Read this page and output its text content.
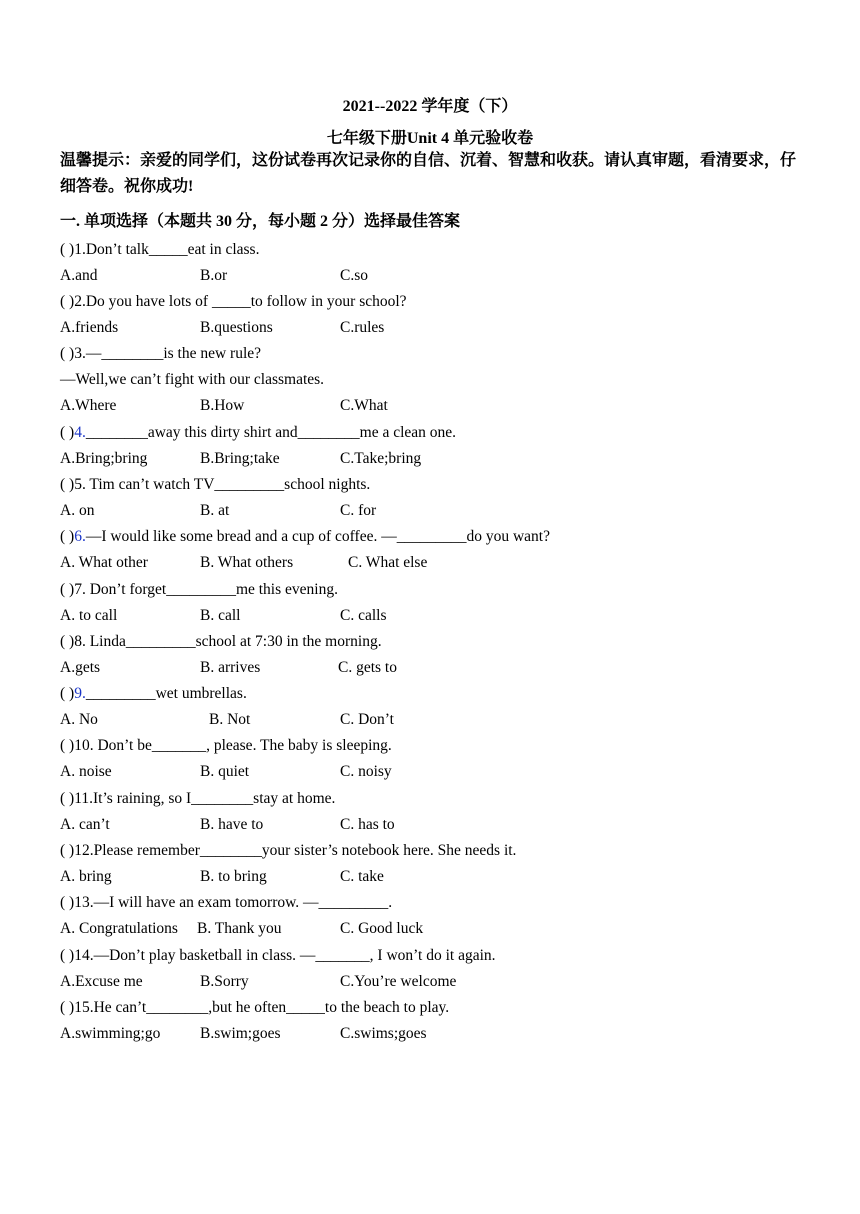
2021--2022 学年度（下）
七年级下册Unit 4 单元验收卷
温馨提示：亲爱的同学们，这份试卷再次记录你的自信、沉着、智慧和收获。请认真审题，看清要求，仔细答卷。祝你成功!
一. 单项选择（本题共 30 分，每小题 2 分）选择最佳答案
( )1.Don’t talk_____eat in class.
A.and	B.or	C.so
( )2.Do you have lots of _____to follow in your school?
A.friends	B.questions	C.rules
( )3.—________is the new rule?
—Well,we can’t fight with our classmates.
A.Where	B.How	C.What
( )4.________away this dirty shirt and________me a clean one.
A.Bring;bring	B.Bring;take	C.Take;bring
( )5. Tim can’t watch TV_________school nights.
A. on	B. at	C. for
( )6.—I would like some bread and a cup of coffee. —_________do you want?
A. What other	B. What others	C. What else
( )7. Don’t forget_________me this evening.
A. to call	B. call	C. calls
( )8. Linda_________school at 7:30 in the morning.
A.gets	B. arrives	C. gets to
( )9._________wet umbrellas.
A. No	B. Not	C. Don’t
( )10. Don’t be_______, please. The baby is sleeping.
A. noise	B. quiet	C. noisy
( )11.It’s raining, so I________stay at home.
A. can’t	B. have to	C. has to
( )12.Please remember________your sister’s notebook here. She needs it.
A. bring	B. to bring	C. take
( )13.—I will have an exam tomorrow. —_________.
A. Congratulations B. Thank you	C. Good luck
( )14.—Don’t play basketball in class. —_______, I won’t do it again.
A.Excuse me	B.Sorry	C.You’re welcome
( )15.He can’t________,but he often_____to the beach to play.
A.swimming;go	B.swim;goes	C.swims;goes
